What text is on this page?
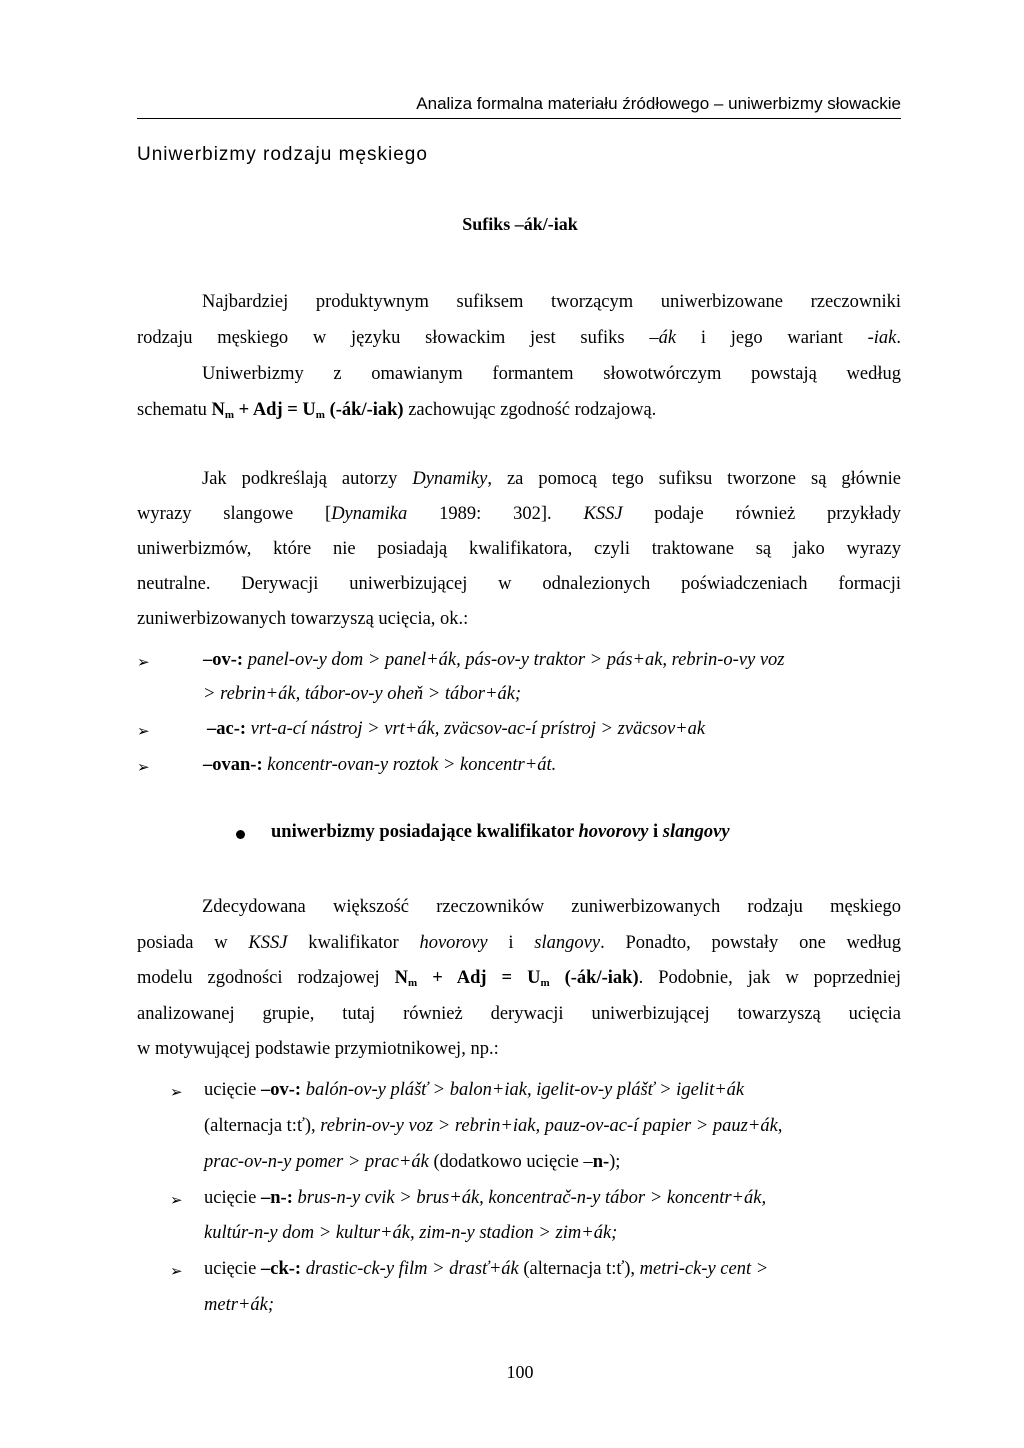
Analiza formalna materiału źródłowego – uniwerbizmy słowackie
Uniwerbizmy rodzaju męskiego
Sufiks –ák/-iak
Najbardziej produktywnym sufiksem tworzącym uniwerbizowane rzeczowniki
rodzaju męskiego w języku słowackim jest sufiks –ák i jego wariant -iak.
Uniwerbizmy z omawianym formantem słowotwórczym powstają według
schematu $N_m$ + Adj = $U_m$ (-ák/-iak) zachowując zgodność rodzajową.
Jak podkreślają autorzy Dynamiky, za pomocą tego sufiksu tworzone są głównie
wyrazy slangowe [Dynamika 1989: 302]. KSSJ podaje również przykłady
uniwerbizmów, które nie posiadają kwalifikatora, czyli traktowane są jako wyrazy
neutralne. Derywacji uniwerbizującej w odnalezionych poświadczeniach formacji
zuniwerbizowanych towarzyszą ucięcia, ok.:
➢	–ov-: panel-ov-y dom > panel+ák, pás-ov-y traktor > pás+ak, rebrin-o-vy voz
> rebrin+ák, tábor-ov-y oheň > tábor+ák;
➢	–ac-: vrt-a-cí nástroj > vrt+ák, zväcsov-ac-í prístroj > zväcsov+ak
➢	–ovan-: koncentr-ovan-y roztok > koncentr+át.
uniwerbizmy posiadające kwalifikator hovorovy i slangovy
Zdecydowana większość rzeczowników zuniwerbizowanych rodzaju męskiego
posiada w KSSJ kwalifikator hovorovy i slangovy. Ponadto, powstały one według
modelu zgodności rodzajowej $N_m$ + Adj = $U_m$ (-ák/-iak). Podobnie, jak w poprzedniej
analizowanej grupie, tutaj również derywacji uniwerbizującej towarzyszą ucięcia
w motywującej podstawie przymiotnikowej, np.:
➢ ucięcie –ov-: balón-ov-y plášť > balon+iak, igelit-ov-y plášť > igelit+ák
(alternacja t:ť), rebrin-ov-y voz > rebrin+iak, pauz-ov-ac-í papier > pauz+ák,
prac-ov-n-y pomer > prac+ák (dodatkowo ucięcie –n-);
➢ ucięcie –n-: brus-n-y cvik > brus+ák, koncentrač-n-y tábor > koncentr+ák,
kultúr-n-y dom > kultur+ák, zim-n-y stadion > zim+ák;
➢ ucięcie –ck-: drastic-ck-y film > drasť+ák (alternacja t:ť), metri-ck-y cent >
metr+ák;
100
